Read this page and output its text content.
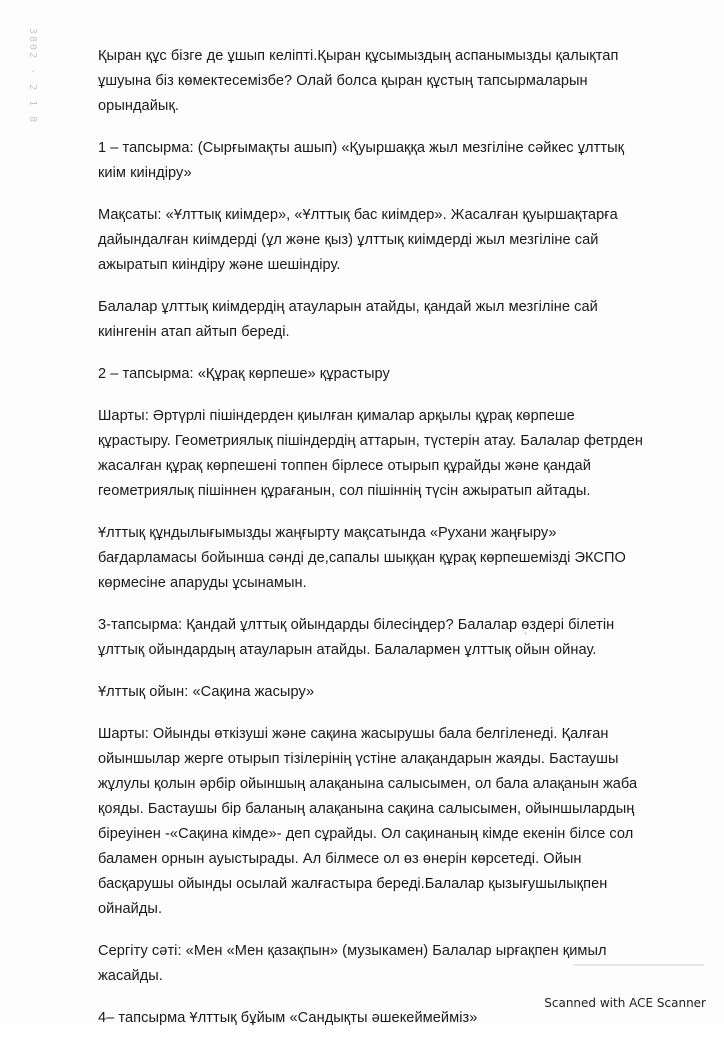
3802 · 2 1 8	Қыран құс бізге де ұшып келіпті.Қыран құсымыздың аспанымызды қалықтап
ұшуына біз көмектесемізбе? Олай болса қыран құстың тапсырмаларын
орындайық.

1 – тапсырма: (Сырғымақты ашып) «Қуыршаққа жыл мезгіліне сәйкес ұлттық
киім киіндіру»

Мақсаты: «Ұлттық киімдер», «Ұлттық бас киімдер». Жасалған қуыршақтарға
дайындалған киімдерді (ұл және қыз) ұлттық киімдерді жыл мезгіліне сай
ажыратып киіндіру және шешіндіру.

Балалар ұлттық киімдердің атауларын атайды, қандай жыл мезгіліне сай
киінгенін атап айтып береді.

2 – тапсырма: «Құрақ көрпеше» құрастыру

Шарты: Әртүрлі пішіндерден қиылған қималар арқылы құрақ көрпеше
құрастыру. Геометриялық пішіндердің аттарын, түстерін атау. Балалар фетрден
жасалған құрақ көрпешені топпен бірлесе отырып құрайды және қандай
геометриялық пішіннен құрағанын, сол пішіннің түсін ажыратып айтады.

Ұлттық құндылығымызды жаңғырту мақсатында «Рухани жаңғыру»
бағдарламасы бойынша сәнді де,сапалы шыққан құрақ көрпешемізді ЭКСПО
көрмесіне апаруды ұсынамын.

3-тапсырма: Қандай ұлттық ойындарды білесіңдер? Балалар өздері білетін
ұлттық ойындардың атауларын атайды. Балалармен ұлттық ойын ойнау.

Ұлттық ойын: «Сақина жасыру»

Шарты: Ойынды өткізуші және сақина жасырушы бала белгіленеді. Қалған
ойыншылар жерге отырып тізілерінің үстіне алақандарын жаяды. Бастаушы
жұлулы қолын әрбір ойыншың алақанына салысымен, ол бала алақанын жаба
қояды. Бастаушы бір баланың алақанына сақина салысымен, ойыншылардың
біреуінен -«Сақина кімде»- деп сұрайды. Ол сақинаның кімде екенін білсе сол
баламен орнын ауыстырады. Ал білмесе ол өз өнерін көрсетеді. Ойын
басқарушы ойынды осылай жалғастыра береді.Балалар қызығушылықпен
ойнайды.

Сергіту сәті: «Мен «Мен қазақпын» (музыкамен) Балалар ырғақпен қимыл
жасайды.

4– тапсырма Ұлттық бұйым «Сандықты әшекеймейміз»

Scanned with ACE Scanner
